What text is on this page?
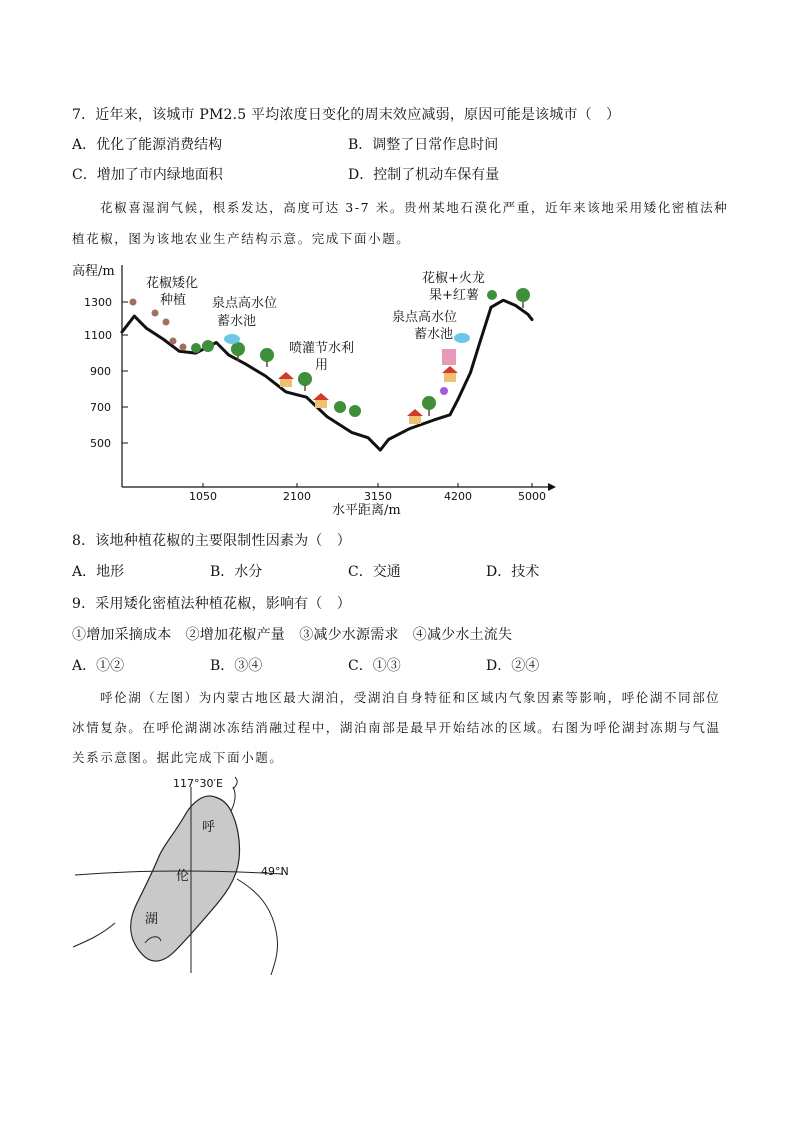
7．近年来，该城市 PM2.5 平均浓度日变化的周末效应减弱，原因可能是该城市（　）
A．优化了能源消费结构	B．调整了日常作息时间
C．增加了市内绿地面积	D．控制了机动车保有量
花椒喜湿润气候，根系发达，高度可达 3-7 米。贵州某地石漠化严重，近年来该地采用矮化密植法种
植花椒，图为该地农业生产结构示意。完成下面小题。
高程/m
水平距离/m
1300
1100
900
700
500
1050	2100	3150	4200	5000
花椒矮化
种植 泉点高水位
蓄水池
喷灌节水利
用
花椒+火龙
果+红薯
泉点高水位
蓄水池
8．该地种植花椒的主要限制性因素为（　）
A．地形	B．水分	C．交通	D．技术
9．采用矮化密植法种植花椒，影响有（　）
①增加采摘成本　②增加花椒产量　③减少水源需求　④减少水土流失
A．①②	B．③④	C．①③	D．②④
呼伦湖（左图）为内蒙古地区最大湖泊，受湖泊自身特征和区域内气象因素等影响，呼伦湖不同部位
冰情复杂。在呼伦湖湖冰冻结消融过程中，湖泊南部是最早开始结冰的区域。右图为呼伦湖封冻期与气温
关系示意图。据此完成下面小题。
117°30′E
49°N
呼
伦
湖
